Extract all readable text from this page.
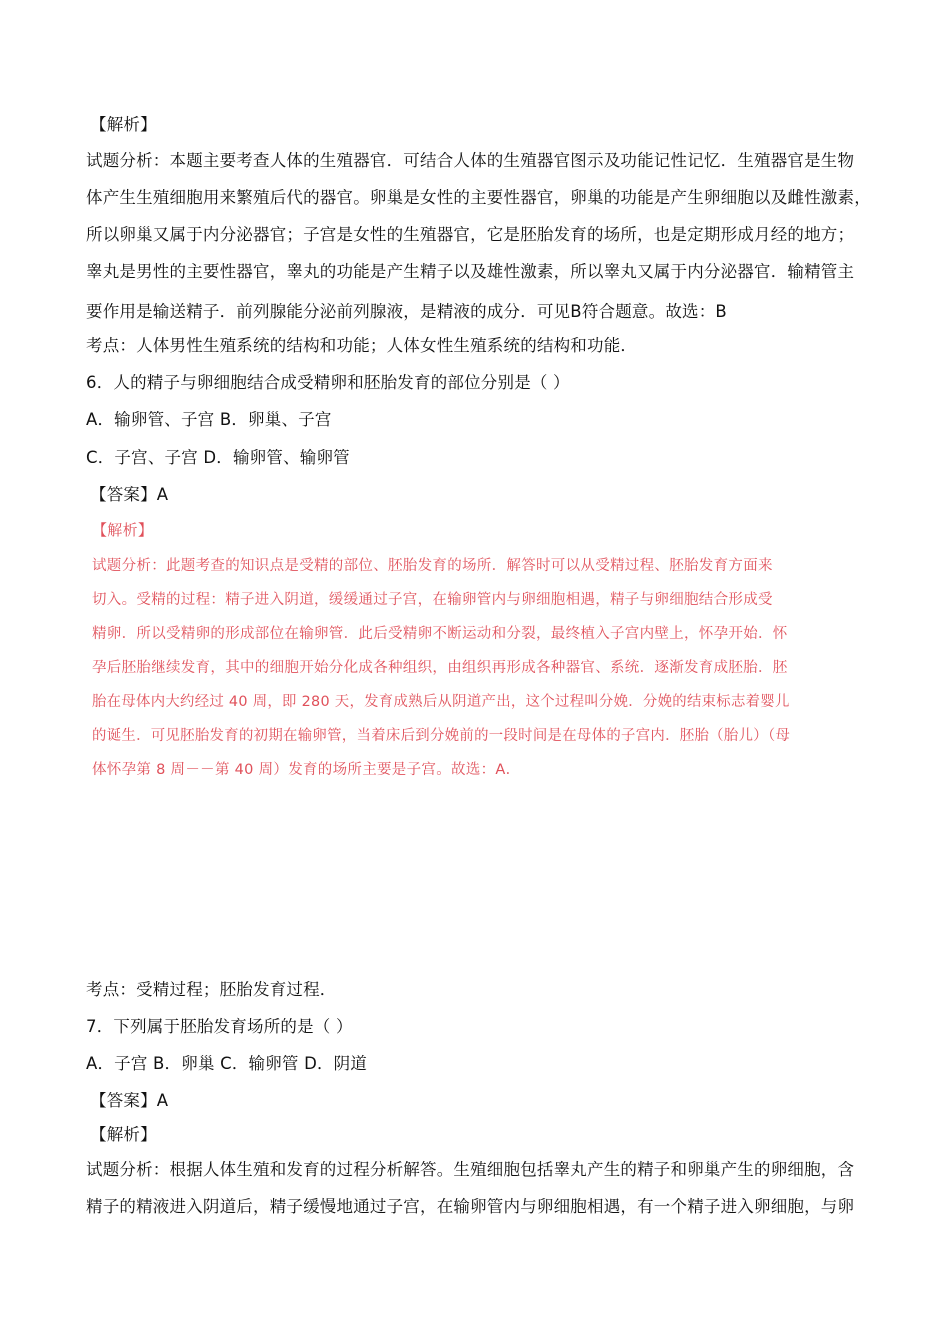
【解析】
试题分析：本题主要考查人体的生殖器官．可结合人体的生殖器官图示及功能记性记忆．生殖器官是生物
体产生生殖细胞用来繁殖后代的器官。卵巢是女性的主要性器官，卵巢的功能是产生卵细胞以及雌性激素，
所以卵巢又属于内分泌器官；子宫是女性的生殖器官，它是胚胎发育的场所，也是定期形成月经的地方；
睾丸是男性的主要性器官，睾丸的功能是产生精子以及雄性激素，所以睾丸又属于内分泌器官．输精管主
要作用是输送精子．前列腺能分泌前列腺液，是精液的成分．可见B符合题意。故选：B
考点：人体男性生殖系统的结构和功能；人体女性生殖系统的结构和功能．
6．人的精子与卵细胞结合成受精卵和胚胎发育的部位分别是（ ）
A．输卵管、子宫 B．卵巢、子宫
C．子宫、子宫 D．输卵管、输卵管
【答案】A
【解析】
试题分析：此题考查的知识点是受精的部位、胚胎发育的场所．解答时可以从受精过程、胚胎发育方面来
切入。受精的过程：精子进入阴道，缓缓通过子宫，在输卵管内与卵细胞相遇，精子与卵细胞结合形成受
精卵．所以受精卵的形成部位在输卵管．此后受精卵不断运动和分裂，最终植入子宫内壁上，怀孕开始．怀
孕后胚胎继续发育，其中的细胞开始分化成各种组织，由组织再形成各种器官、系统．逐渐发育成胚胎．胚
胎在母体内大约经过 40 周，即 280 天，发育成熟后从阴道产出，这个过程叫分娩．分娩的结束标志着婴儿
的诞生．可见胚胎发育的初期在输卵管，当着床后到分娩前的一段时间是在母体的子宫内．胚胎（胎儿）（母
体怀孕第 8 周－－第 40 周）发育的场所主要是子宫。故选：A．
考点：受精过程；胚胎发育过程．
7．下列属于胚胎发育场所的是（ ）
A．子宫 B．卵巢 C．输卵管 D．阴道
【答案】A
【解析】
试题分析：根据人体生殖和发育的过程分析解答。生殖细胞包括睾丸产生的精子和卵巢产生的卵细胞，含
精子的精液进入阴道后，精子缓慢地通过子宫，在输卵管内与卵细胞相遇，有一个精子进入卵细胞，与卵
